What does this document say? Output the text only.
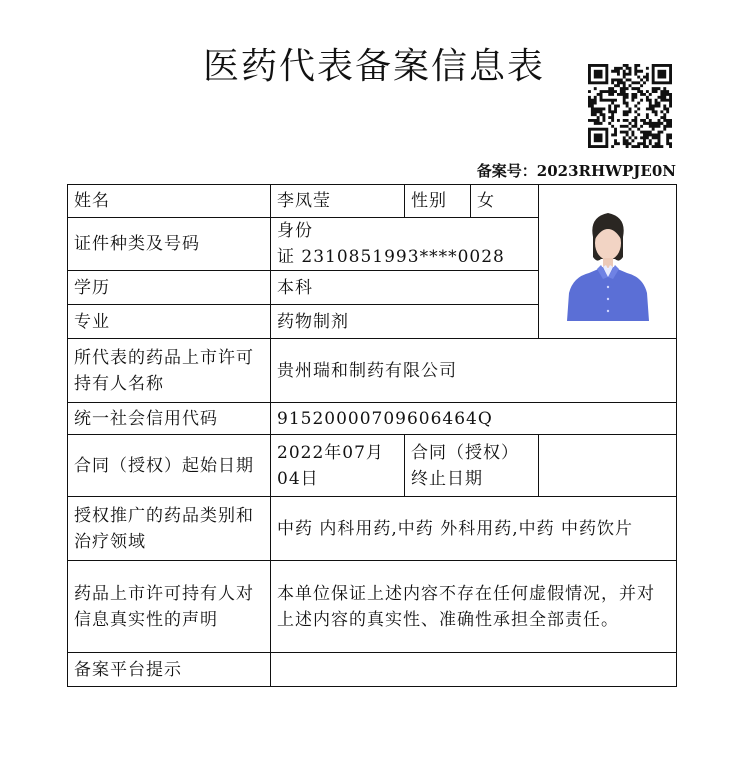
医药代表备案信息表
备案号：2023RHWPJE0N
姓名	李凤莹	性别	女	

证件种类及号码	身份证 2310851993****0028			
学历	本科			
专业	药物制剂			
所代表的药品上市许可持有人名称	贵州瑞和制药有限公司			
统一社会信用代码	91520000709606464Q			
合同（授权）起始日期	2022年07月04日	合同（授权）终止日期		
授权推广的药品类别和治疗领域	中药 内科用药,中药 外科用药,中药 中药饮片			
药品上市许可持有人对信息真实性的声明	本单位保证上述内容不存在任何虚假情况，并对上述内容的真实性、准确性承担全部责任。			
备案平台提示				
